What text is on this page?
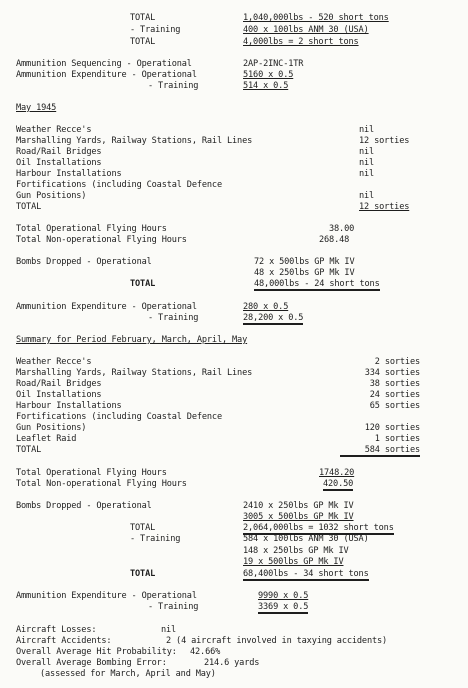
TOTAL	1,040,000lbs - 520 short tons
- Training	400 x 100lbs ANM 30 (USA)
TOTAL	4,000lbs = 2 short tons
Ammunition Sequencing - Operational	2AP-2INC-1TR
Ammunition Expenditure - Operational	5160 x 0.5
- Training	514 x 0.5
May 1945
Weather Recce's	nil
Marshalling Yards, Railway Stations, Rail Lines	12 sorties
Road/Rail Bridges	nil
Oil Installations	nil
Harbour Installations	nil
Fortifications (including Coastal Defence
Gun Positions)	nil
TOTAL	12 sorties
Total Operational Flying Hours	38.00
Total Non-operational Flying Hours	268.48
Bombs Dropped - Operational	72 x 500lbs GP Mk IV
48 x 250lbs GP Mk IV
TOTAL	48,000lbs - 24 short tons
Ammunition Expenditure - Operational	280 x 0.5
- Training	28,200 x 0.5
Summary for Period February, March, April, May
Weather Recce's	2 sorties
Marshalling Yards, Railway Stations, Rail Lines	334 sorties
Road/Rail Bridges	38 sorties
Oil Installations	24 sorties
Harbour Installations	65 sorties
Fortifications (including Coastal Defence
Gun Positions)	120 sorties
Leaflet Raid	1 sorties
TOTAL	584 sorties
Total Operational Flying Hours	1748.20
Total Non-operational Flying Hours	420.50
Bombs Dropped - Operational	2410 x 250lbs GP Mk IV
3005 x 500lbs GP Mk IV
TOTAL	2,064,000lbs = 1032 short tons
- Training	584 x 100lbs ANM 30 (USA)
148 x 250lbs GP Mk IV
19 x 500lbs GP Mk IV
TOTAL	68,400lbs - 34 short tons
Ammunition Expenditure - Operational	9990 x 0.5
- Training	3369 x 0.5
Aircraft Losses:	nil
Aircraft Accidents:	2 (4 aircraft involved in taxying accidents)
Overall Average Hit Probability: 42.66%
Overall Average Bombing Error:	214.6 yards
(assessed for March, April and May)
